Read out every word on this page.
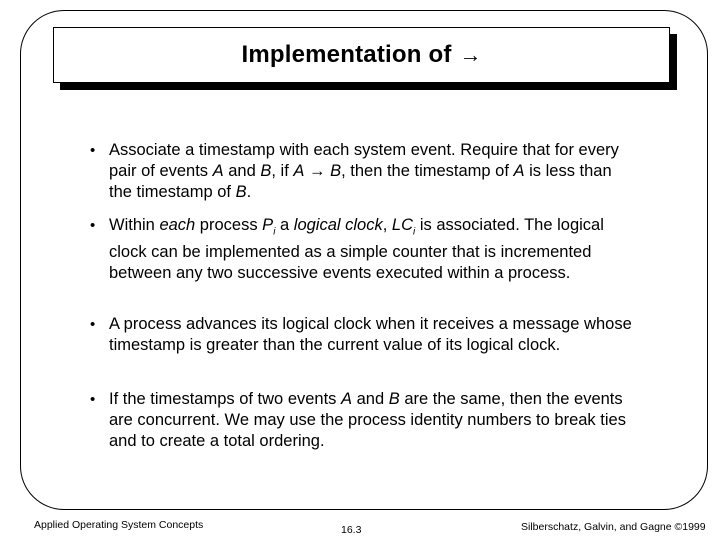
Implementation of →
• Associate a timestamp with each system event. Require that for every pair of events A and B, if A → B, then the timestamp of A is less than the timestamp of B.
• Within each process $P_i$ a logical clock, $LC_i$ is associated. The logical clock can be implemented as a simple counter that is incremented between any two successive events executed within a process.
• A process advances its logical clock when it receives a message whose timestamp is greater than the current value of its logical clock.
• If the timestamps of two events A and B are the same, then the events are concurrent. We may use the process identity numbers to break ties and to create a total ordering.
Applied Operating System Concepts	16.3	Silberschatz, Galvin, and Gagne ©1999
